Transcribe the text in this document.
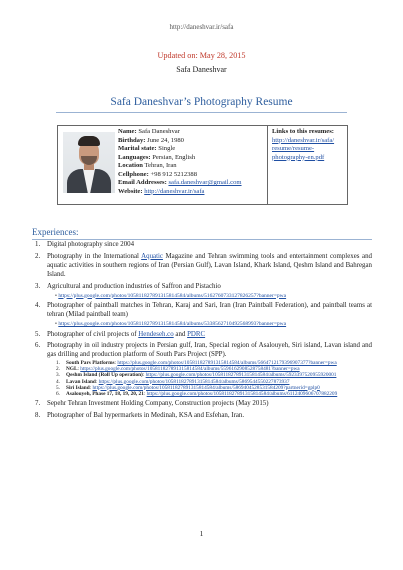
http://daneshvar.ir/safa
Updated on: May 28, 2015
Safa Daneshvar
Safa Daneshvar’s Photography Resume
Name: Safa Daneshvar
Birthday: June 24, 1980
Marital state: Single
Languages: Persian, English
Location Tehran, Iran
Cellphone: +98 912 5212388
Email Addresses: safa.daneshvar@gmail.com
Website: http://daneshvar.ir/safa
Links to this resumes:
http://daneshvar.ir/safa/
resume/resume-
photography-en.pdf
Experiences:
1. Digital photography since 2004
2. Photography in the International Aquatic Magazine and Tehran swimming tools and entertainment complexes and aquatic activities in southern regions of Iran (Persian Gulf), Lavan Island, Khark Island, Qeshm Island and Bahregan Island.
3. Agricultural and production industries of Saffron and Pistachio
• https://plus.google.com/photos/105811827891315814584/albums/5162760733127826257?banner=pwa
4. Photographer of paintball matches in Tehran, Karaj and Sari, Iran (Iran Paintball Federation), and paintball teams at tehran (Milad paintball team)
• https://plus.google.com/photos/105811827891315814584/albums/5338562710492568993?banner=pwa
5. Photographer of civil projects of Hendeseh.co and PDRC
6. Photography in oil industry projects in Persian gulf, Iran, Special region of Asalouyeh, Siri island, Lavan island and gas drilling and production platform of South Pars Project (SPP).
1. South Pars Platforms: https://plus.google.com/photos/105811827891315814584/albums/5664712179396907377?banner=pwa
2. NGL: https://plus.google.com/photos/105811827891315814584/albums/5596162908528758481?banner=pwa
3. Qeshm Island (Roll Up operation): https://plus.google.com/photos/105811827891315814584/albums/5923397520955920001
4. Lavan Island: https://plus.google.com/photos/105811827891315814584/albums/5869544550227873937
5. Siri Island: https://plus.google.com/photos/105811827891315814584/albums/5869404528531584209?partnerid=gplp0
6. Asalouyeh, Phase 17, 18, 19, 20, 21: https://plus.google.com/photos/105811827891315814584/albums/6112409606707882209
7. Sepehr Tehran Investment Holding Company, Construction projects (May 2015)
8. Photographer of Bal hypermarkets in Medinah, KSA and Esfehan, Iran.
1
